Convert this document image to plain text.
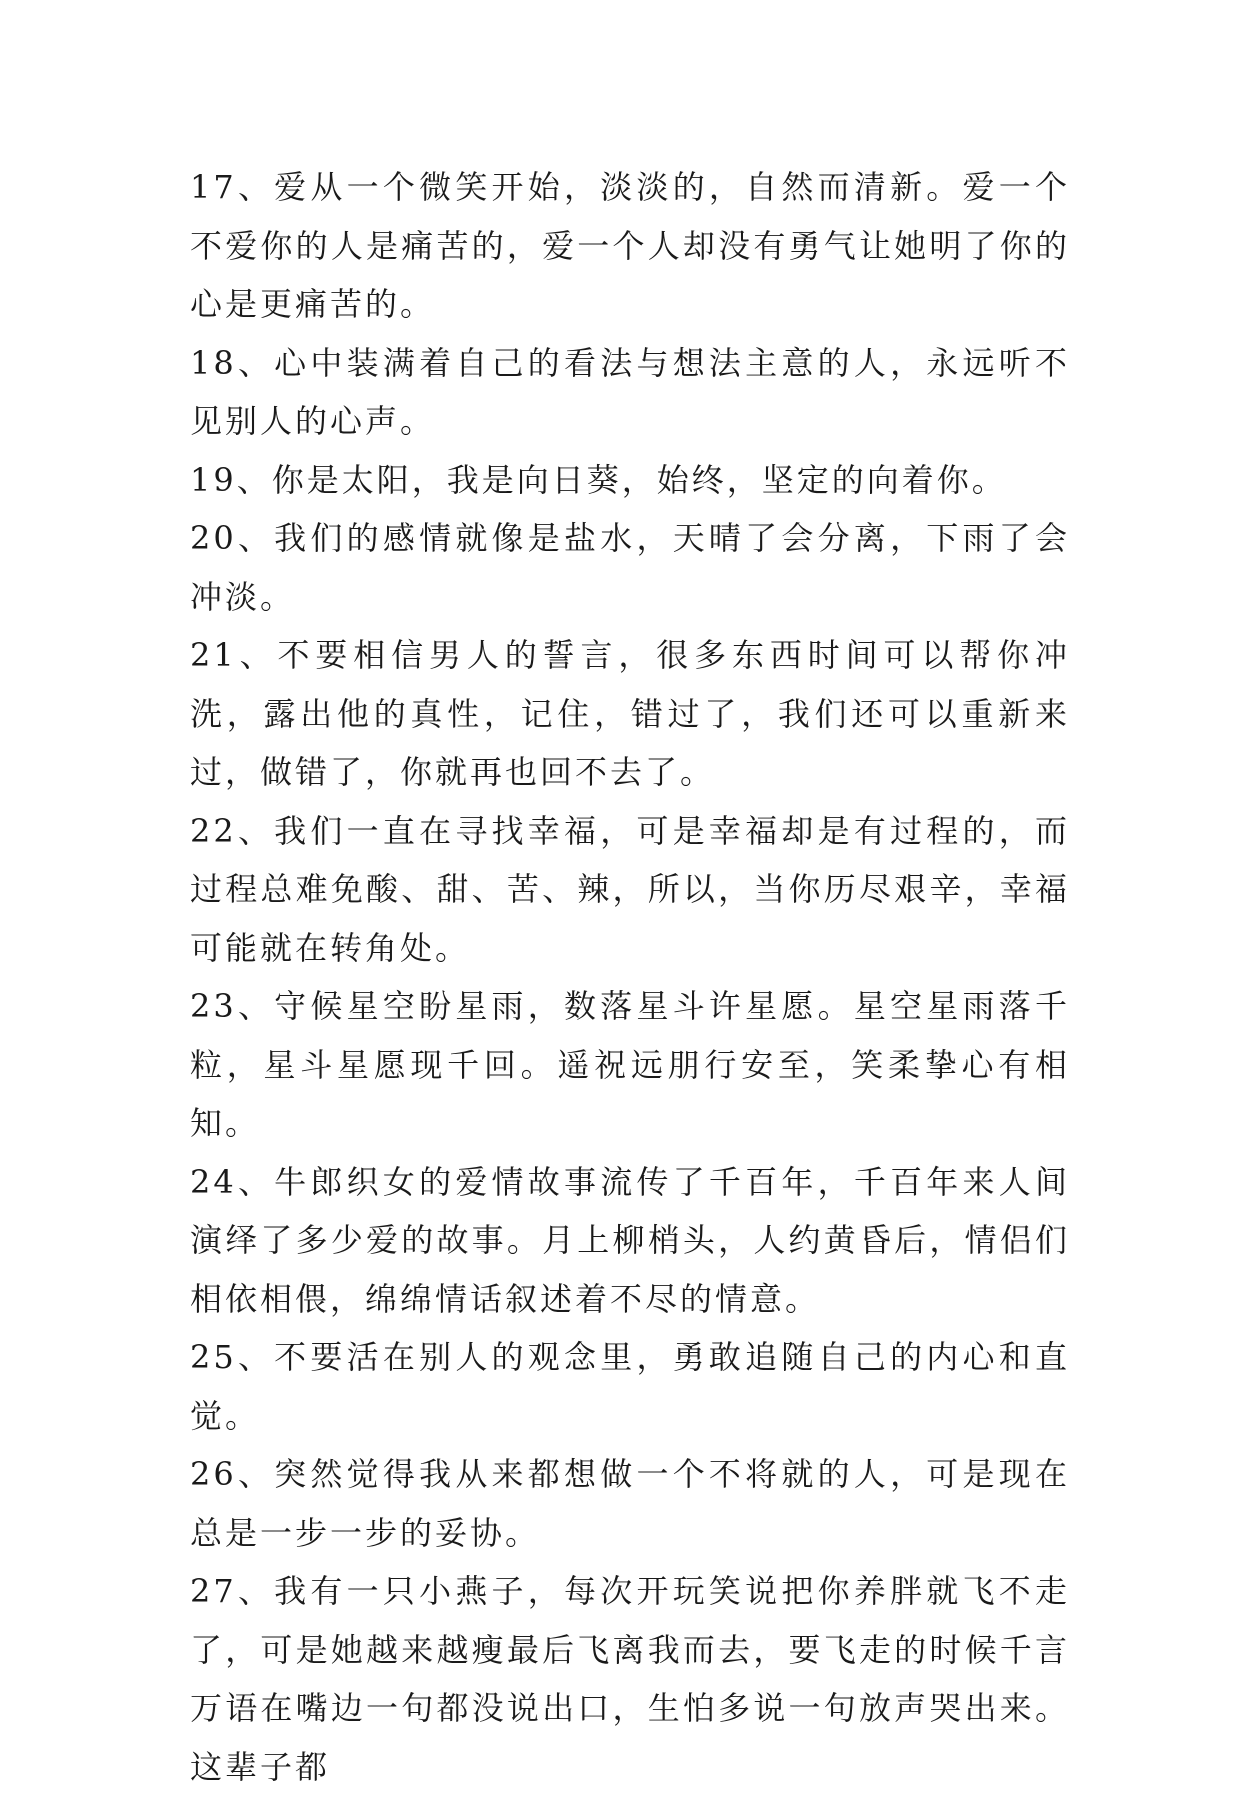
17、爱从一个微笑开始，淡淡的，自然而清新。爱一个不爱你的人是痛苦的，爱一个人却没有勇气让她明了你的心是更痛苦的。

18、心中装满着自己的看法与想法主意的人，永远听不见别人的心声。

19、你是太阳，我是向日葵，始终，坚定的向着你。

20、我们的感情就像是盐水，天晴了会分离，下雨了会冲淡。

21、不要相信男人的誓言，很多东西时间可以帮你冲洗，露出他的真性，记住，错过了，我们还可以重新来过，做错了，你就再也回不去了。

22、我们一直在寻找幸福，可是幸福却是有过程的，而过程总难免酸、甜、苦、辣，所以，当你历尽艰辛，幸福可能就在转角处。

23、守候星空盼星雨，数落星斗许星愿。星空星雨落千粒，星斗星愿现千回。遥祝远朋行安至，笑柔挚心有相知。

24、牛郎织女的爱情故事流传了千百年，千百年来人间演绎了多少爱的故事。月上柳梢头，人约黄昏后，情侣们相依相偎，绵绵情话叙述着不尽的情意。

25、不要活在别人的观念里，勇敢追随自己的内心和直觉。

26、突然觉得我从来都想做一个不将就的人，可是现在总是一步一步的妥协。

27、我有一只小燕子，每次开玩笑说把你养胖就飞不走了，可是她越来越瘦最后飞离我而去，要飞走的时候千言万语在嘴边一句都没说出口，生怕多说一句放声哭出来。这辈子都
